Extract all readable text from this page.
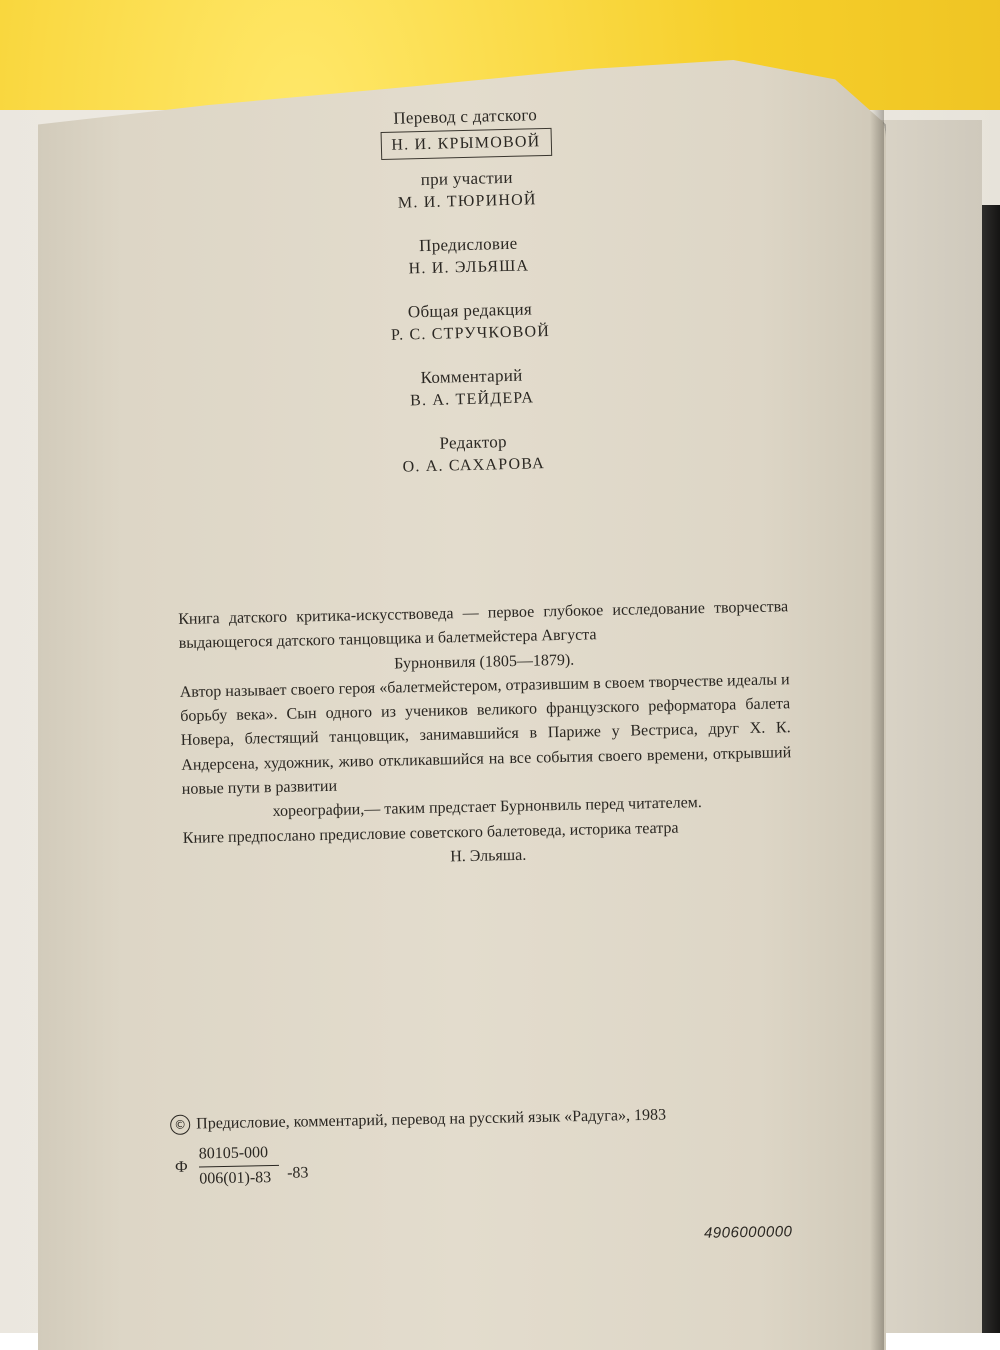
Перевод с датского
Н. И. КРЫМОВОЙ
при участии
М. И. ТЮРИНОЙ
Предисловие
Н. И. ЭЛЬЯША
Общая редакция
Р. С. СТРУЧКОВОЙ
Комментарий
В. А. ТЕЙДЕРА
Редактор
О. А. САХАРОВА

Книга датского критика-искусствоведа — первое глубокое исследование творчества выдающегося датского танцовщика и балетмейстера Августа

Бурнонвиля (1805—1879).

Автор называет своего героя «балетмейстером, отразившим в своем творчестве идеалы и борьбу века». Сын одного из учеников великого французского реформатора балета Новера, блестящий танцовщик, занимавшийся в Париже у Вестриса, друг Х. К. Андерсена, художник, живо откликавшийся на все события своего времени, открывший новые пути в развитии

хореографии,— таким предстает Бурнонвиль перед читателем.

Книге предпослано предисловие советского балетоведа, историка театра

Н. Эльяша.

© Предисловие, комментарий, перевод на русский язык «Радуга», 1983
Ф
80105-000
006(01)-83 -83
4906000000
